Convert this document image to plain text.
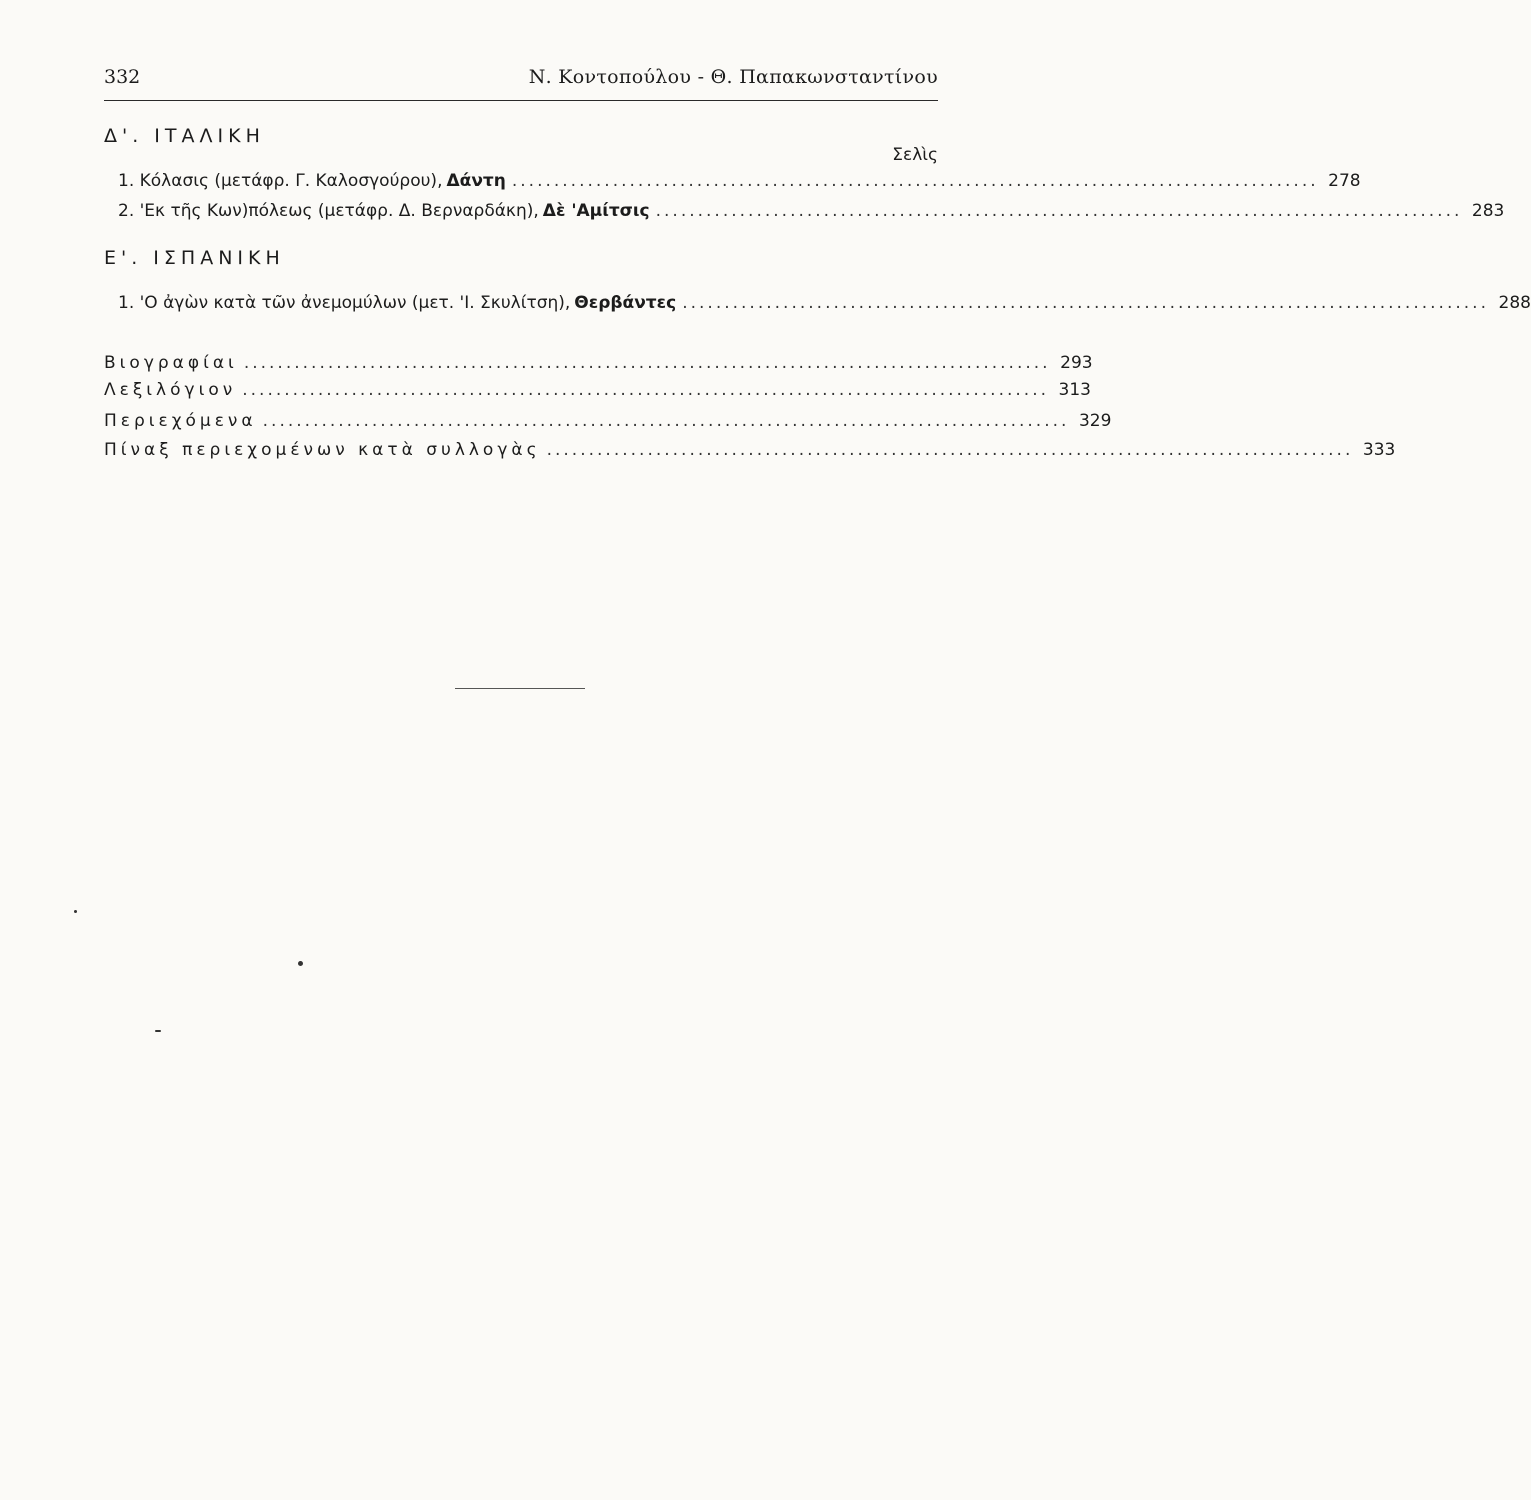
332	Ν. Κοντοπούλου - Θ. Παπακωνσταντίνου
Δ'. ΙΤΑΛΙΚΗ
Σελὶς
1. Κόλασις (μετάφρ. Γ. Καλοσγούρου), Δάντη ................................................................................................ 278
2. 'Εκ τῆς Κων)πόλεως (μετάφρ. Δ. Βερναρδάκη), Δὲ 'Αμίτσις ................................................................................................ 283
Ε'. ΙΣΠΑΝΙΚΗ
1. 'Ο ἀγὼν κατὰ τῶν ἀνεμομύλων (μετ. 'Ι. Σκυλίτση), Θερβάντες ................................................................................................ 288
Βιογραφίαι ................................................................................................ 293
Λεξιλόγιον ................................................................................................ 313
Περιεχόμενα ................................................................................................ 329
Πίναξ περιεχομένων κατὰ συλλογὰς ................................................................................................ 333
